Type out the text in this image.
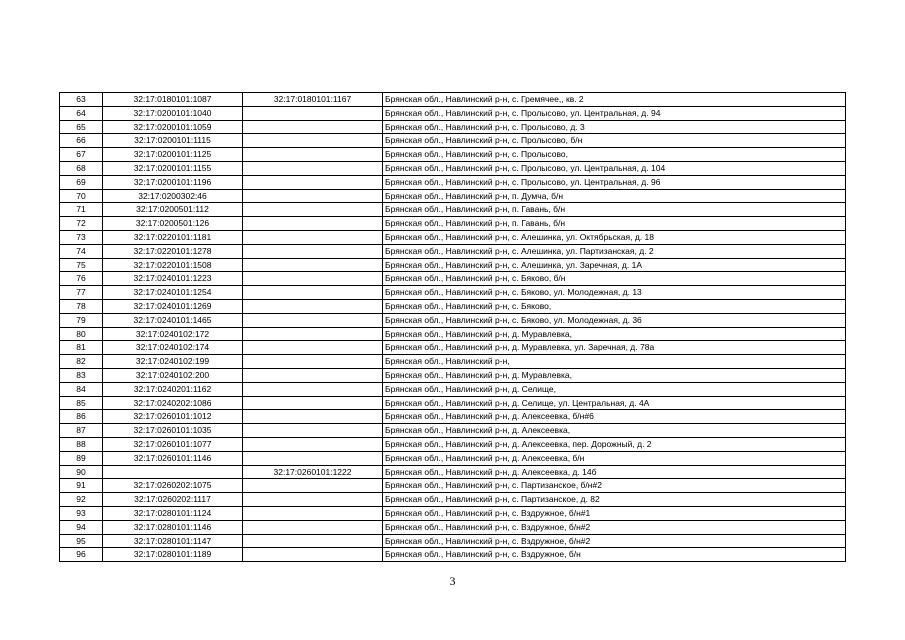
63	32:17:0180101:1087	32:17:0180101:1167	Брянская обл., Навлинский р-н, с. Гремячее,, кв. 2
64	32:17:0200101:1040		Брянская обл., Навлинский р-н, с. Пролысово, ул. Центральная, д. 94
65	32:17:0200101:1059		Брянская обл., Навлинский р-н, с. Пролысово, д. 3
66	32:17:0200101:1115		Брянская обл., Навлинский р-н, с. Пролысово, б/н
67	32:17:0200101:1125		Брянская обл., Навлинский р-н, с. Пролысово,
68	32:17:0200101:1155		Брянская обл., Навлинский р-н, с. Пролысово, ул. Центральная, д. 104
69	32:17:0200101:1196		Брянская обл., Навлинский р-н, с. Пролысово, ул. Центральная, д. 96
70	32:17:0200302:46		Брянская обл., Навлинский р-н, п. Думча, б/н
71	32:17:0200501:112		Брянская обл., Навлинский р-н, п. Гавань, б/н
72	32:17:0200501:126		Брянская обл., Навлинский р-н, п. Гавань, б/н
73	32:17:0220101:1181		Брянская обл., Навлинский р-н, с. Алешинка, ул. Октябрьская, д. 18
74	32:17:0220101:1278		Брянская обл., Навлинский р-н, с. Алешинка, ул. Партизанская, д. 2
75	32:17:0220101:1508		Брянская обл., Навлинский р-н, с. Алешинка, ул. Заречная, д. 1А
76	32:17:0240101:1223		Брянская обл., Навлинский р-н, с. Бяково, б/н
77	32:17:0240101:1254		Брянская обл., Навлинский р-н, с. Бяково, ул. Молодежная, д. 13
78	32:17:0240101:1269		Брянская обл., Навлинский р-н, с. Бяково,
79	32:17:0240101:1465		Брянская обл., Навлинский р-н, с. Бяково, ул. Молодежная, д. 36
80	32:17:0240102:172		Брянская обл., Навлинский р-н, д. Муравлевка,
81	32:17:0240102:174		Брянская обл., Навлинский р-н, д. Муравлевка, ул. Заречная, д. 78а
82	32:17:0240102:199		Брянская обл., Навлинский р-н,
83	32:17:0240102:200		Брянская обл., Навлинский р-н, д. Муравлевка,
84	32:17:0240201:1162		Брянская обл., Навлинский р-н, д. Селище,
85	32:17:0240202:1086		Брянская обл., Навлинский р-н, д. Селище, ул. Центральная, д. 4А
86	32:17:0260101:1012		Брянская обл., Навлинский р-н, д. Алексеевка, б/н#6
87	32:17:0260101:1035		Брянская обл., Навлинский р-н, д. Алексеевка,
88	32:17:0260101:1077		Брянская обл., Навлинский р-н, д. Алексеевка, пер. Дорожный, д. 2
89	32:17:0260101:1146		Брянская обл., Навлинский р-н, д. Алексеевка, б/н
90		32:17:0260101:1222	Брянская обл., Навлинский р-н, д. Алексеевка, д. 14б
91	32:17:0260202:1075		Брянская обл., Навлинский р-н, с. Партизанское, б/н#2
92	32:17:0260202:1117		Брянская обл., Навлинский р-н, с. Партизанское, д. 82
93	32:17:0280101:1124		Брянская обл., Навлинский р-н, с. Вздружное, б/н#1
94	32:17:0280101:1146		Брянская обл., Навлинский р-н, с. Вздружное, б/н#2
95	32:17:0280101:1147		Брянская обл., Навлинский р-н, с. Вздружное, б/н#2
96	32:17:0280101:1189		Брянская обл., Навлинский р-н, с. Вздружное, б/н
3
